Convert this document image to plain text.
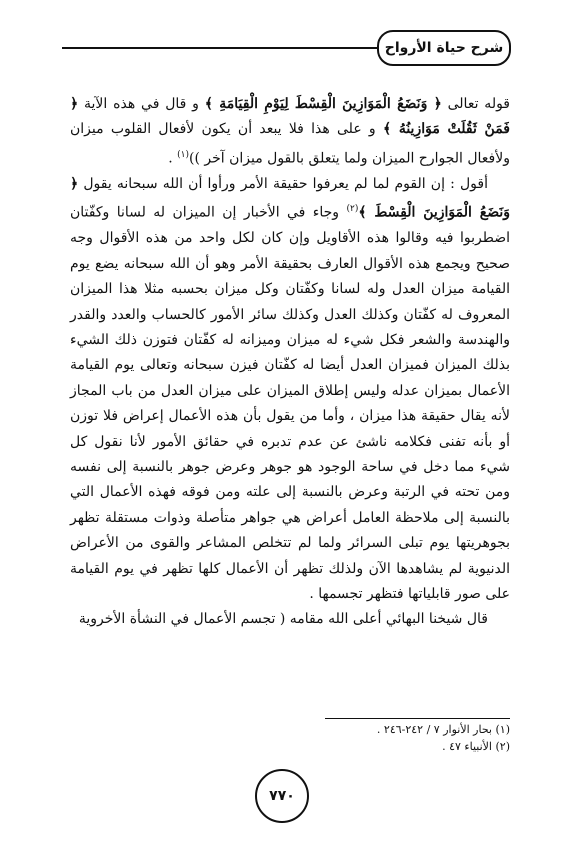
شرح حياة الأرواح

قوله تعالى ﴿ وَنَضَعُ الْمَوَازِينَ الْقِسْطَ لِيَوْمِ الْقِيَامَةِ ﴾ و قال في هذه الآية ﴿ فَمَنْ ثَقُلَتْ مَوَازِينُهُ ﴾ و على هذا فلا يبعد أن يكون لأفعال القلوب ميزان ولأفعال الجوارح الميزان ولما يتعلق بالقول ميزان آخر ))$^{(١)}$ .

أقول : إن القوم لما لم يعرفوا حقيقة الأمر ورأوا أن الله سبحانه يقول ﴿ وَنَضَعُ الْمَوَازِينَ الْقِسْطَ ﴾$^{(٢)}$ وجاء في الأخبار إن الميزان له لسانا وكفّتان اضطربوا فيه وقالوا هذه الأقاويل وإن كان لكل واحد من هذه الأقوال وجه صحيح ويجمع هذه الأقوال العارف بحقيقة الأمر وهو أن الله سبحانه يضع يوم القيامة ميزان العدل وله لسانا وكفّتان وكل ميزان بحسبه مثلا هذا الميزان المعروف له كفّتان وكذلك العدل وكذلك سائر الأمور كالحساب والعدد والقدر والهندسة والشعر فكل شيء له ميزان وميزانه له كفّتان فتوزن ذلك الشيء بذلك الميزان فميزان العدل أيضا له كفّتان فيزن سبحانه وتعالى يوم القيامة الأعمال بميزان عدله وليس إطلاق الميزان على ميزان العدل من باب المجاز لأنه يقال حقيقة هذا ميزان ، وأما من يقول بأن هذه الأعمال إعراض فلا توزن أو بأنه تفنى فكلامه ناشئ عن عدم تدبره في حقائق الأمور لأنا نقول كل شيء مما دخل في ساحة الوجود هو جوهر وعرض جوهر بالنسبة إلى نفسه ومن تحته في الرتبة وعرض بالنسبة إلى علته ومن فوقه فهذه الأعمال التي بالنسبة إلى ملاحظة العامل أعراض هي جواهر متأصلة وذوات مستقلة تظهر بجوهريتها يوم تبلى السرائر ولما لم تتخلص المشاعر والقوى من الأعراض الدنيوية لم يشاهدها الآن ولذلك تظهر أن الأعمال كلها تظهر في يوم القيامة على صور قابلياتها فتظهر تجسمها .

قال شيخنا البهائي أعلى الله مقامه ( تجسم الأعمال في النشأة الأخروية

(١) بحار الأنوار ٧ / ٢٤٢-٢٤٦ .
(٢) الأنبياء ٤٧ .
٧٧٠
